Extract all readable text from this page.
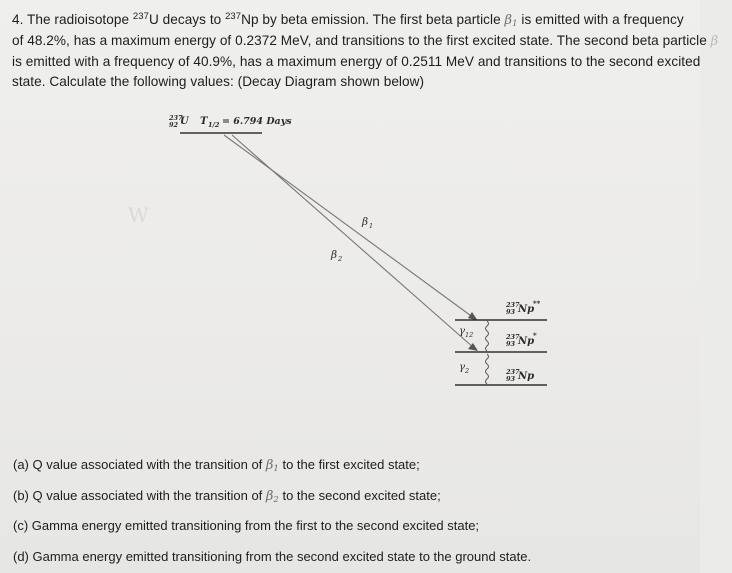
4. The radioisotope $^{237}$U decays to $^{237}$Np by beta emission. The first beta particle $\beta_1$ is emitted with a frequency
of 48.2%, has a maximum energy of 0.2372 MeV, and transitions to the first excited state. The second beta particle β
is emitted with a frequency of 40.9%, has a maximum energy of 0.2511 MeV and transitions to the second excited
state. Calculate the following values: (Decay Diagram shown below)
W
237
92 U T 1/2 = 6.794 Days
β 1
β 2
γ 12
γ 2
237
93 Np
**
237
93 Np
*
237
93 Np
(a) Q value associated with the transition of $\beta_1$ to the first excited state;
(b) Q value associated with the transition of $\beta_2$ to the second excited state;
(c) Gamma energy emitted transitioning from the first to the second excited state;
(d) Gamma energy emitted transitioning from the second excited state to the ground state.
